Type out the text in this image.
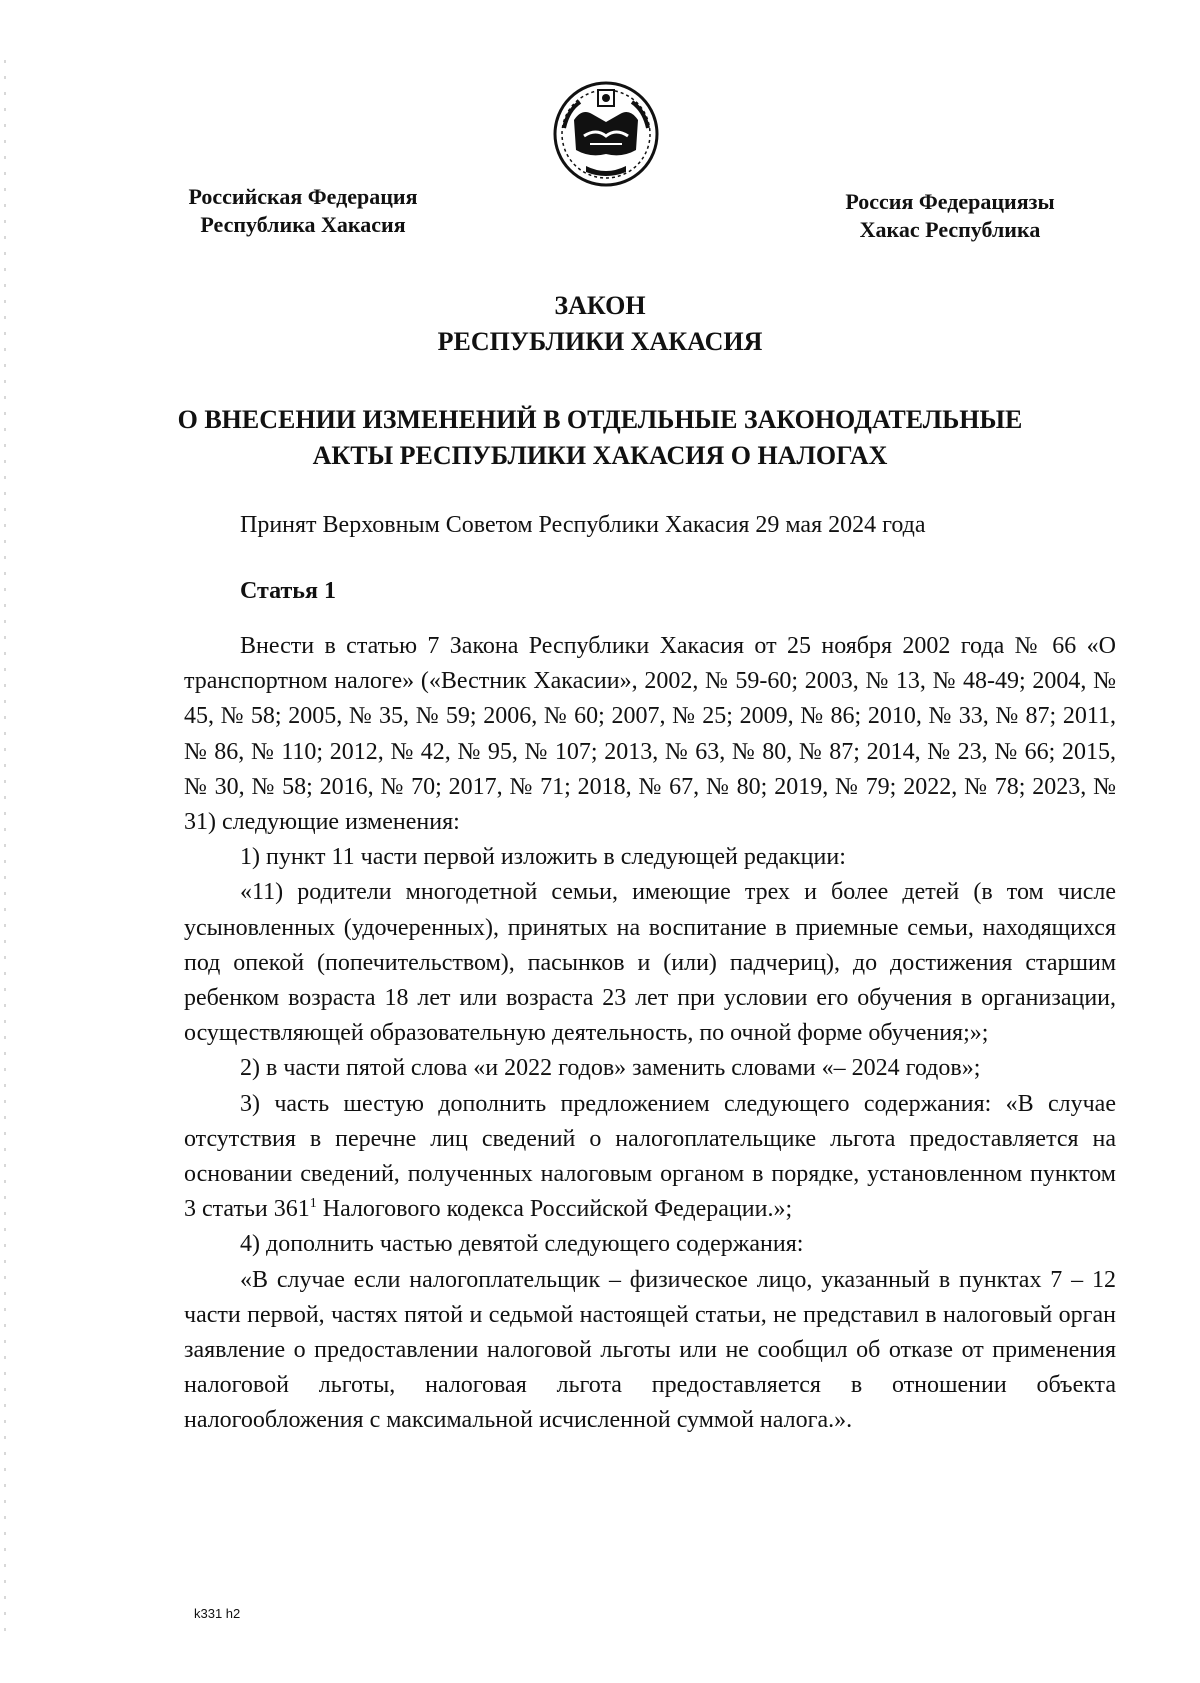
Российская Федерация
Республика Хакасия
Россия Федерациязы
Хакас Республика
ЗАКОН
РЕСПУБЛИКИ ХАКАСИЯ
О ВНЕСЕНИИ ИЗМЕНЕНИЙ В ОТДЕЛЬНЫЕ ЗАКОНОДАТЕЛЬНЫЕ
АКТЫ РЕСПУБЛИКИ ХАКАСИЯ О НАЛОГАХ
Принят Верховным Советом Республики Хакасия 29 мая 2024 года
Статья 1

Внести в статью 7 Закона Республики Хакасия от 25 ноября 2002 года № 66 «О транспортном налоге» («Вестник Хакасии», 2002, № 59-60; 2003, № 13, № 48-49; 2004, № 45, № 58; 2005, № 35, № 59; 2006, № 60; 2007, № 25; 2009, № 86; 2010, № 33, № 87; 2011, № 86, № 110; 2012, № 42, № 95, № 107; 2013, № 63, № 80, № 87; 2014, № 23, № 66; 2015, № 30, № 58; 2016, № 70; 2017, № 71; 2018, № 67, № 80; 2019, № 79; 2022, № 78; 2023, № 31) следующие изменения:

1) пункт 11 части первой изложить в следующей редакции:

«11) родители многодетной семьи, имеющие трех и более детей (в том числе усыновленных (удочеренных), принятых на воспитание в приемные семьи, находящихся под опекой (попечительством), пасынков и (или) падчериц), до достижения старшим ребенком возраста 18 лет или возраста 23 лет при условии его обучения в организации, осуществляющей образовательную деятельность, по очной форме обучения;»;

2) в части пятой слова «и 2022 годов» заменить словами «– 2024 годов»;

3) часть шестую дополнить предложением следующего содержания: «В случае отсутствия в перечне лиц сведений о налогоплательщике льгота предоставляется на основании сведений, полученных налоговым органом в порядке, установленном пунктом 3 статьи $361^1$ Налогового кодекса Российской Федерации.»;

4) дополнить частью девятой следующего содержания:

«В случае если налогоплательщик – физическое лицо, указанный в пунктах 7 – 12 части первой, частях пятой и седьмой настоящей статьи, не представил в налоговый орган заявление о предоставлении налоговой льготы или не сообщил об отказе от применения налоговой льготы, налоговая льгота предоставляется в отношении объекта налогообложения с максимальной исчисленной суммой налога.».

k331 h2
